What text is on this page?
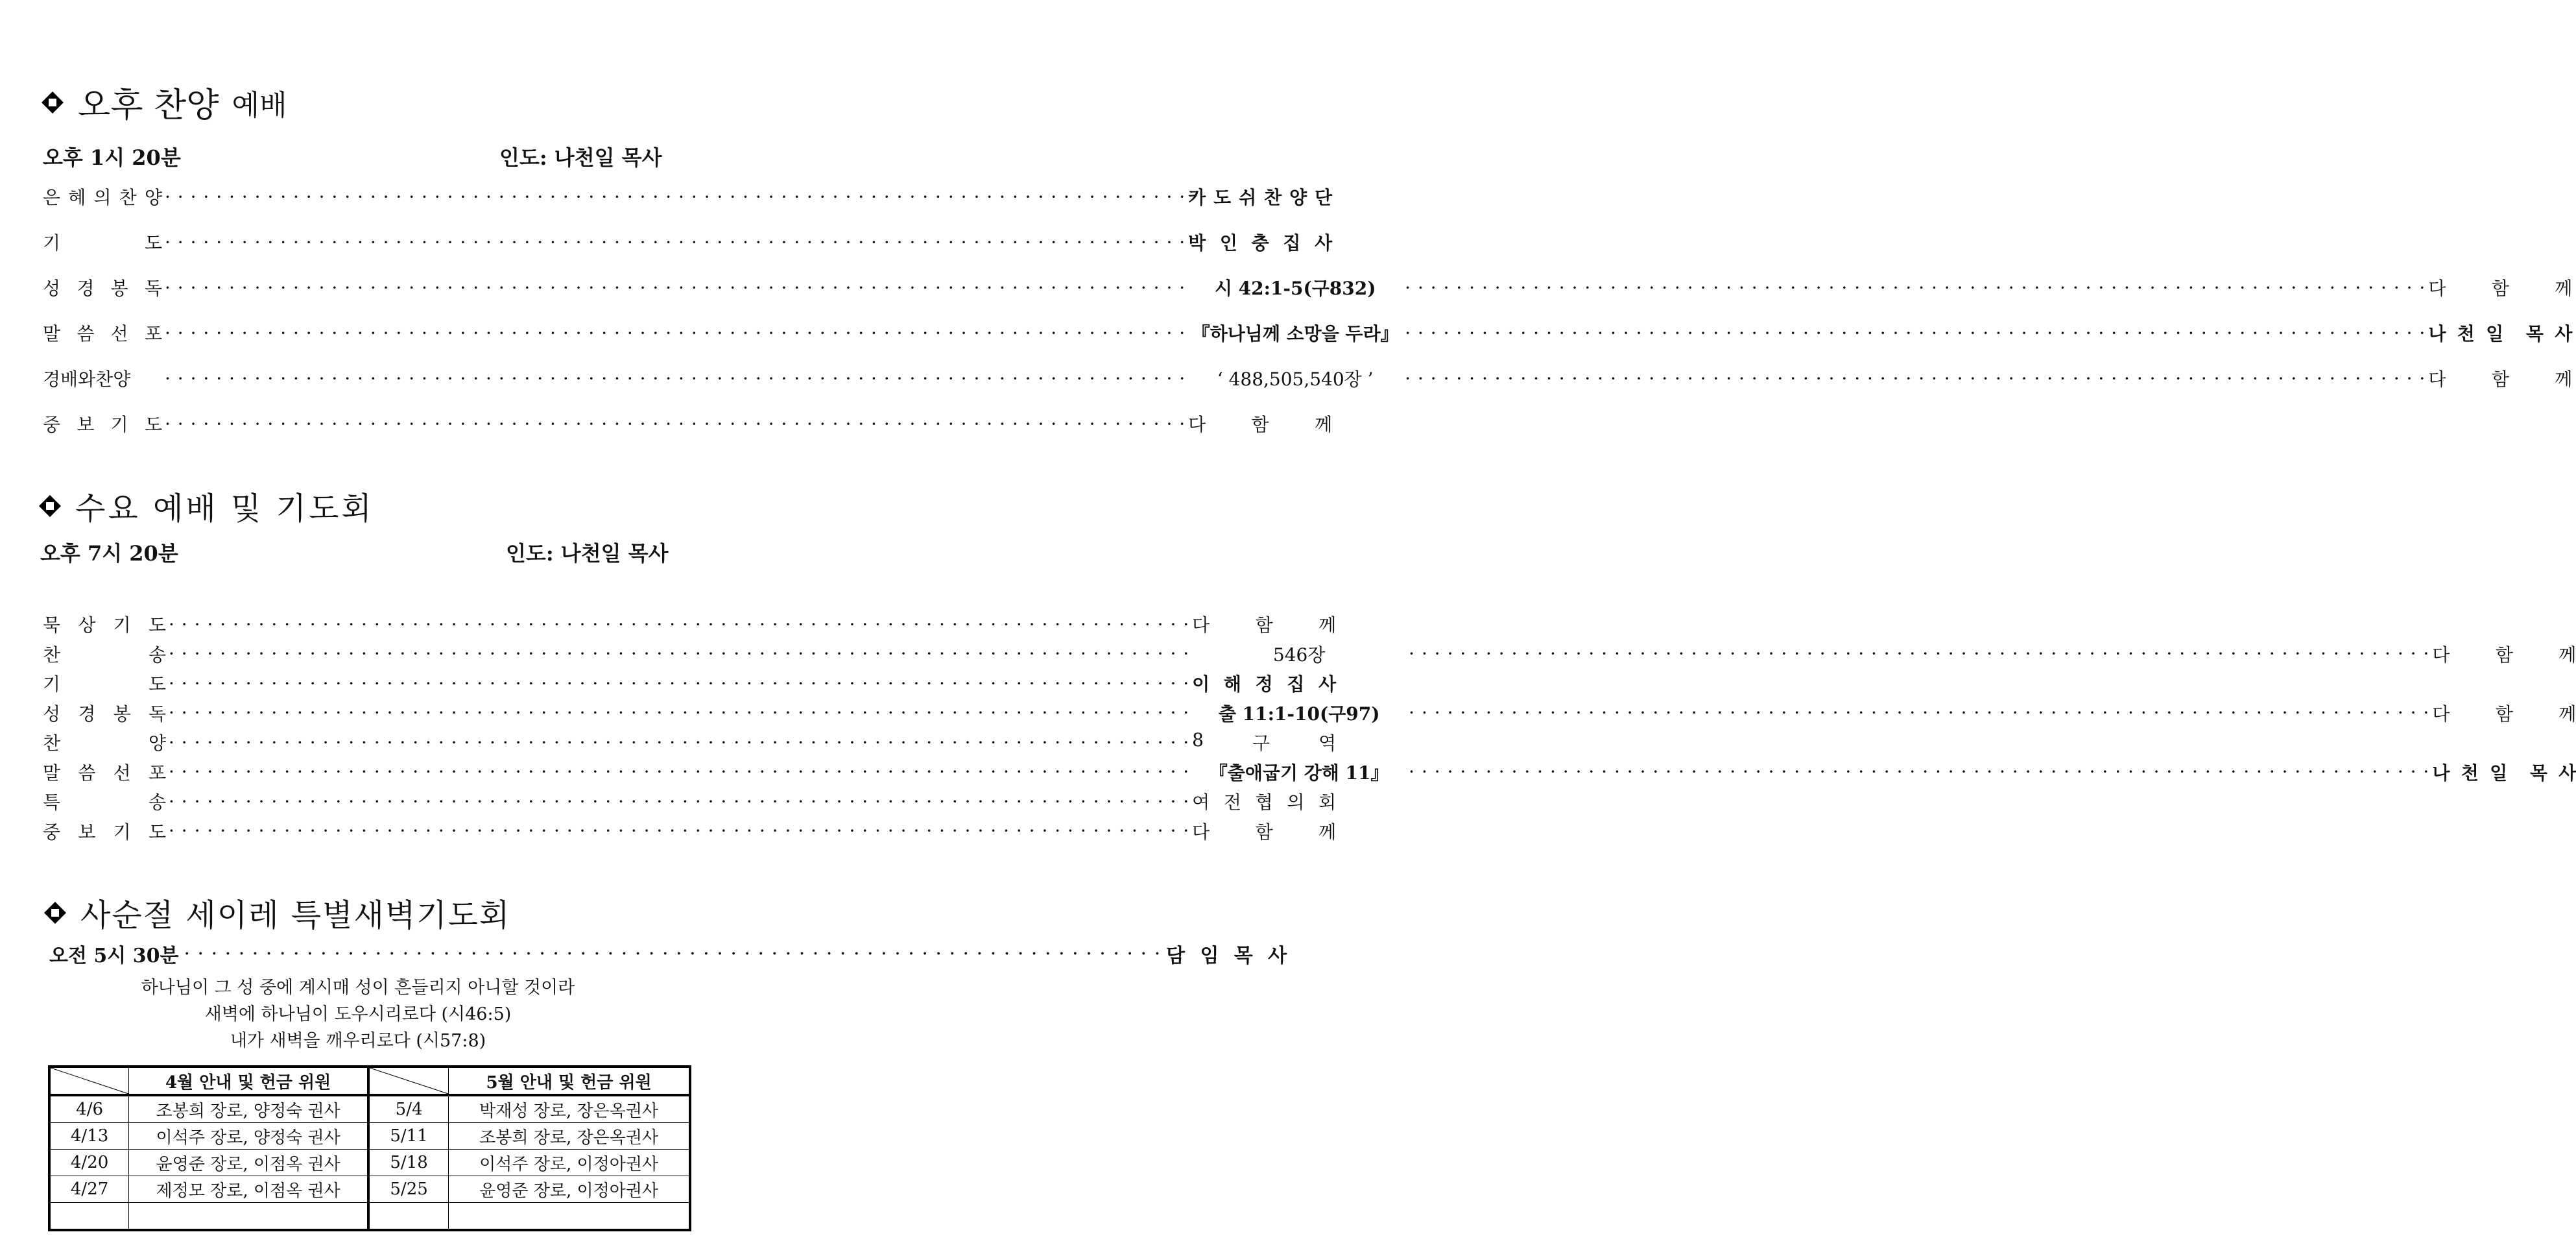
오후 찬양 예배
오후 1시 20분	인도: 나천일 목사
은 혜 의 찬 양 · · · · · · · · · · · · · · · · · · · · · · · · · · · · · · · · · · · · · · · · · · · · · · · · · · · · · · · · · · · · · · · · · · · · · · · · · · · · · · · · 카 도 쉬 찬 양 단
기	도 · · · · · · · · · · · · · · · · · · · · · · · · · · · · · · · · · · · · · · · · · · · · · · · · · · · · · · · · · · · · · · · · · · · · · · · · · · · · · · · · 박 인 충 집 사
성 경 봉 독 · · · · · · · · · · · · · · · · · · · · · · · · · · · · · · · · · · · · · · · · · · · · · · · · · · · · · · · · · · · · · · · · · · · · · · · · · · · · · · · ·	시 42:1-5(구832)	· · · · · · · · · · · · · · · · · · · · · · · · · · · · · · · · · · · · · · · · · · · · · · · · · · · · · · · · · · · · · · · · · · · · · · · · · · · · · · · · 다	함	께
말 씀 선 포 · · · · · · · · · · · · · · · · · · · · · · · · · · · · · · · · · · · · · · · · · · · · · · · · · · · · · · · · · · · · · · · · · · · · · · · · · · · · · · · · 『하나님께 소망을 두라』 · · · · · · · · · · · · · · · · · · · · · · · · · · · · · · · · · · · · · · · · · · · · · · · · · · · · · · · · · · · · · · · · · · · · · · · · · · · · · · · · 나 천 일 목 사
경배와찬양	· · · · · · · · · · · · · · · · · · · · · · · · · · · · · · · · · · · · · · · · · · · · · · · · · · · · · · · · · · · · · · · · · · · · · · · · · · · · · · · ·	‘ 488,505,540장 ’	· · · · · · · · · · · · · · · · · · · · · · · · · · · · · · · · · · · · · · · · · · · · · · · · · · · · · · · · · · · · · · · · · · · · · · · · · · · · · · · · 다	함	께
중 보 기 도 · · · · · · · · · · · · · · · · · · · · · · · · · · · · · · · · · · · · · · · · · · · · · · · · · · · · · · · · · · · · · · · · · · · · · · · · · · · · · · · · 다	함	께
수요 예배 및 기도회
오후 7시 20분	인도: 나천일 목사
묵 상 기 도 · · · · · · · · · · · · · · · · · · · · · · · · · · · · · · · · · · · · · · · · · · · · · · · · · · · · · · · · · · · · · · · · · · · · · · · · · · · · · · · · 다	함	께
찬	송 · · · · · · · · · · · · · · · · · · · · · · · · · · · · · · · · · · · · · · · · · · · · · · · · · · · · · · · · · · · · · · · · · · · · · · · · · · · · · · · ·	546장	· · · · · · · · · · · · · · · · · · · · · · · · · · · · · · · · · · · · · · · · · · · · · · · · · · · · · · · · · · · · · · · · · · · · · · · · · · · · · · · · 다	함	께
기	도 · · · · · · · · · · · · · · · · · · · · · · · · · · · · · · · · · · · · · · · · · · · · · · · · · · · · · · · · · · · · · · · · · · · · · · · · · · · · · · · · 이 해 정 집 사
성 경 봉 독 · · · · · · · · · · · · · · · · · · · · · · · · · · · · · · · · · · · · · · · · · · · · · · · · · · · · · · · · · · · · · · · · · · · · · · · · · · · · · · · ·	출 11:1-10(구97)	· · · · · · · · · · · · · · · · · · · · · · · · · · · · · · · · · · · · · · · · · · · · · · · · · · · · · · · · · · · · · · · · · · · · · · · · · · · · · · · · 다	함	께
찬	양 · · · · · · · · · · · · · · · · · · · · · · · · · · · · · · · · · · · · · · · · · · · · · · · · · · · · · · · · · · · · · · · · · · · · · · · · · · · · · · · · 8	구	역
말 씀 선 포 · · · · · · · · · · · · · · · · · · · · · · · · · · · · · · · · · · · · · · · · · · · · · · · · · · · · · · · · · · · · · · · · · · · · · · · · · · · · · · · ·	『출애굽기 강해 11』	· · · · · · · · · · · · · · · · · · · · · · · · · · · · · · · · · · · · · · · · · · · · · · · · · · · · · · · · · · · · · · · · · · · · · · · · · · · · · · · · 나 천 일 목 사
특	송 · · · · · · · · · · · · · · · · · · · · · · · · · · · · · · · · · · · · · · · · · · · · · · · · · · · · · · · · · · · · · · · · · · · · · · · · · · · · · · · · 여 전 협 의 회
중 보 기 도 · · · · · · · · · · · · · · · · · · · · · · · · · · · · · · · · · · · · · · · · · · · · · · · · · · · · · · · · · · · · · · · · · · · · · · · · · · · · · · · · 다	함	께
사순절 세이레 특별새벽기도회
오전 5시 30분 · · · · · · · · · · · · · · · · · · · · · · · · · · · · · · · · · · · · · · · · · · · · · · · · · · · · · · · · · · · · · · · · · · · · · · · · 담 임 목 사
하나님이 그 성 중에 계시매 성이 흔들리지 아니할 것이라
새벽에 하나님이 도우시리로다 (시46:5)
내가 새벽을 깨우리로다 (시57:8)
	4월 안내 및 헌금 위원		5월 안내 및 헌금 위원
4/6	조봉희 장로, 양정숙 권사	5/4	박재성 장로, 장은옥권사
4/13	이석주 장로, 양정숙 권사	5/11	조봉희 장로, 장은옥권사
4/20	윤영준 장로, 이점옥 권사	5/18	이석주 장로, 이정아권사
4/27	제정모 장로, 이점옥 권사	5/25	윤영준 장로, 이정아권사
